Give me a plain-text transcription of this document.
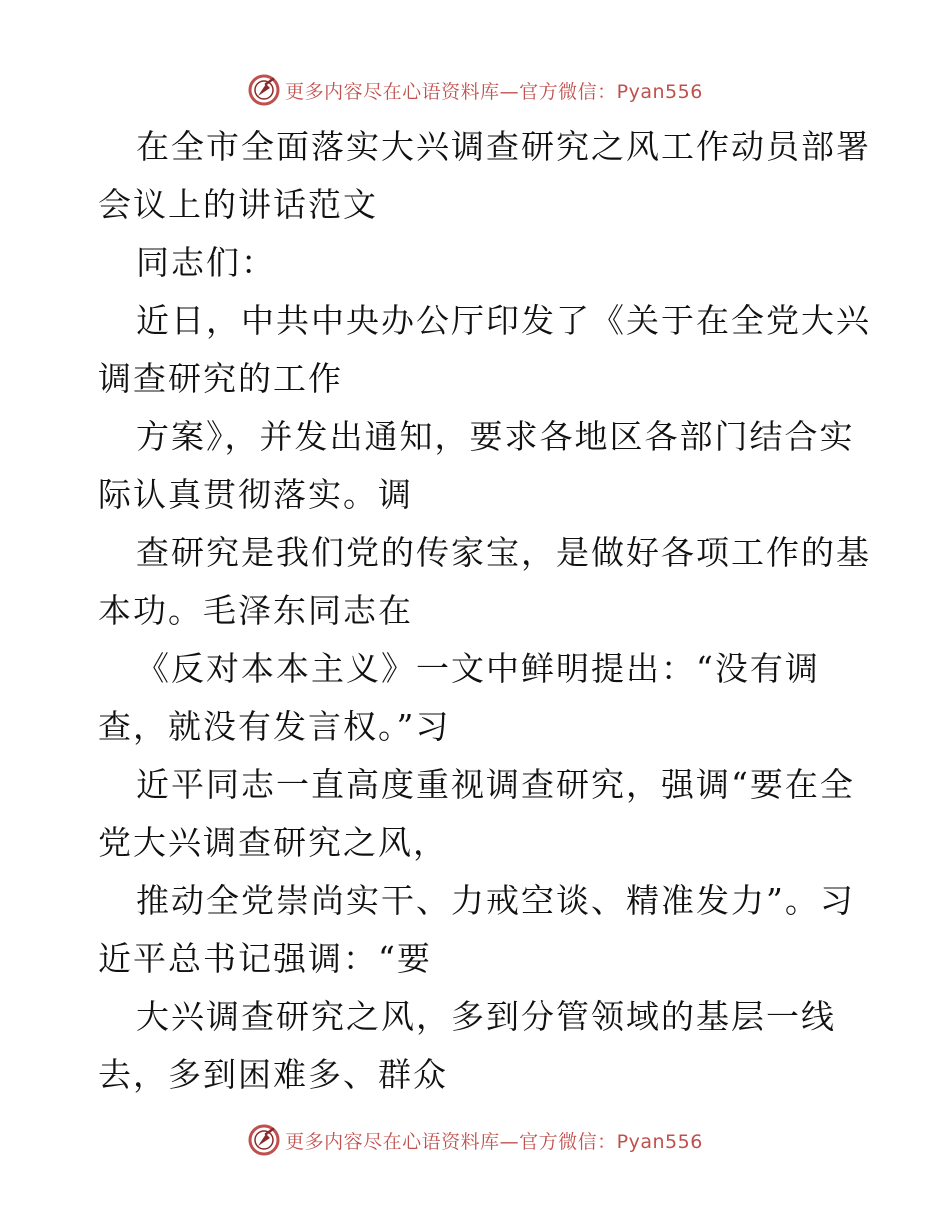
更多内容尽在心语资料库—官方微信：Pyan556
在全市全面落实大兴调查研究之风工作动员部署
会议上的讲话范文
同志们：
近日，中共中央办公厅印发了《关于在全党大兴
调查研究的工作
方案》，并发出通知，要求各地区各部门结合实
际认真贯彻落实。调
查研究是我们党的传家宝，是做好各项工作的基
本功。毛泽东同志在
《反对本本主义》一文中鲜明提出：“没有调
查，就没有发言权。”习
近平同志一直高度重视调查研究，强调“要在全
党大兴调查研究之风，
推动全党崇尚实干、力戒空谈、精准发力”。习
近平总书记强调：“要
大兴调查研究之风，多到分管领域的基层一线
去，多到困难多、群众
更多内容尽在心语资料库—官方微信：Pyan556
